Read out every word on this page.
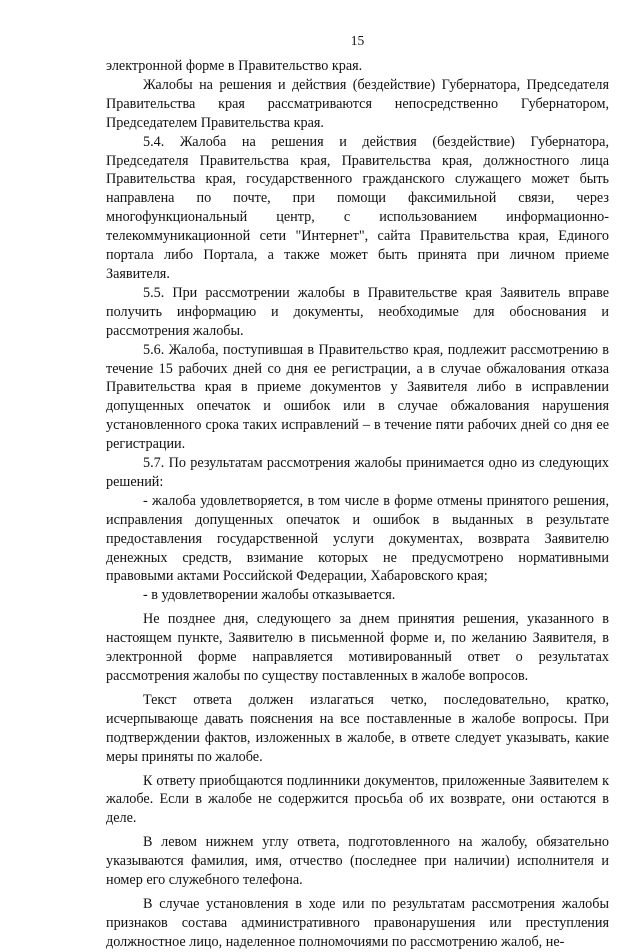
15

электронной форме в Правительство края.

Жалобы на решения и действия (бездействие) Губернатора, Председателя Правительства края рассматриваются непосредственно Губернатором, Председателем Правительства края.

5.4. Жалоба на решения и действия (бездействие) Губернатора, Председателя Правительства края, Правительства края, должностного лица Правительства края, государственного гражданского служащего может быть направлена по почте, при помощи факсимильной связи, через многофункциональный центр, с использованием информационно-телекоммуникационной сети "Интернет", сайта Правительства края, Единого портала либо Портала, а также может быть принята при личном приеме Заявителя.

5.5. При рассмотрении жалобы в Правительстве края Заявитель вправе получить информацию и документы, необходимые для обоснования и рассмотрения жалобы.

5.6. Жалоба, поступившая в Правительство края, подлежит рассмотрению в течение 15 рабочих дней со дня ее регистрации, а в случае обжалования отказа Правительства края в приеме документов у Заявителя либо в исправлении допущенных опечаток и ошибок или в случае обжалования нарушения установленного срока таких исправлений – в течение пяти рабочих дней со дня ее регистрации.

5.7. По результатам рассмотрения жалобы принимается одно из следующих решений:

- жалоба удовлетворяется, в том числе в форме отмены принятого решения, исправления допущенных опечаток и ошибок в выданных в результате предоставления государственной услуги документах, возврата Заявителю денежных средств, взимание которых не предусмотрено нормативными правовыми актами Российской Федерации, Хабаровского края;

- в удовлетворении жалобы отказывается.

Не позднее дня, следующего за днем принятия решения, указанного в настоящем пункте, Заявителю в письменной форме и, по желанию Заявителя, в электронной форме направляется мотивированный ответ о результатах рассмотрения жалобы по существу поставленных в жалобе вопросов.

Текст ответа должен излагаться четко, последовательно, кратко, исчерпывающе давать пояснения на все поставленные в жалобе вопросы. При подтверждении фактов, изложенных в жалобе, в ответе следует указывать, какие меры приняты по жалобе.

К ответу приобщаются подлинники документов, приложенные Заявителем к жалобе. Если в жалобе не содержится просьба об их возврате, они остаются в деле.

В левом нижнем углу ответа, подготовленного на жалобу, обязательно указываются фамилия, имя, отчество (последнее при наличии) исполнителя и номер его служебного телефона.

В случае установления в ходе или по результатам рассмотрения жалобы признаков состава административного правонарушения или преступления должностное лицо, наделенное полномочиями по рассмотрению жалоб, не-
